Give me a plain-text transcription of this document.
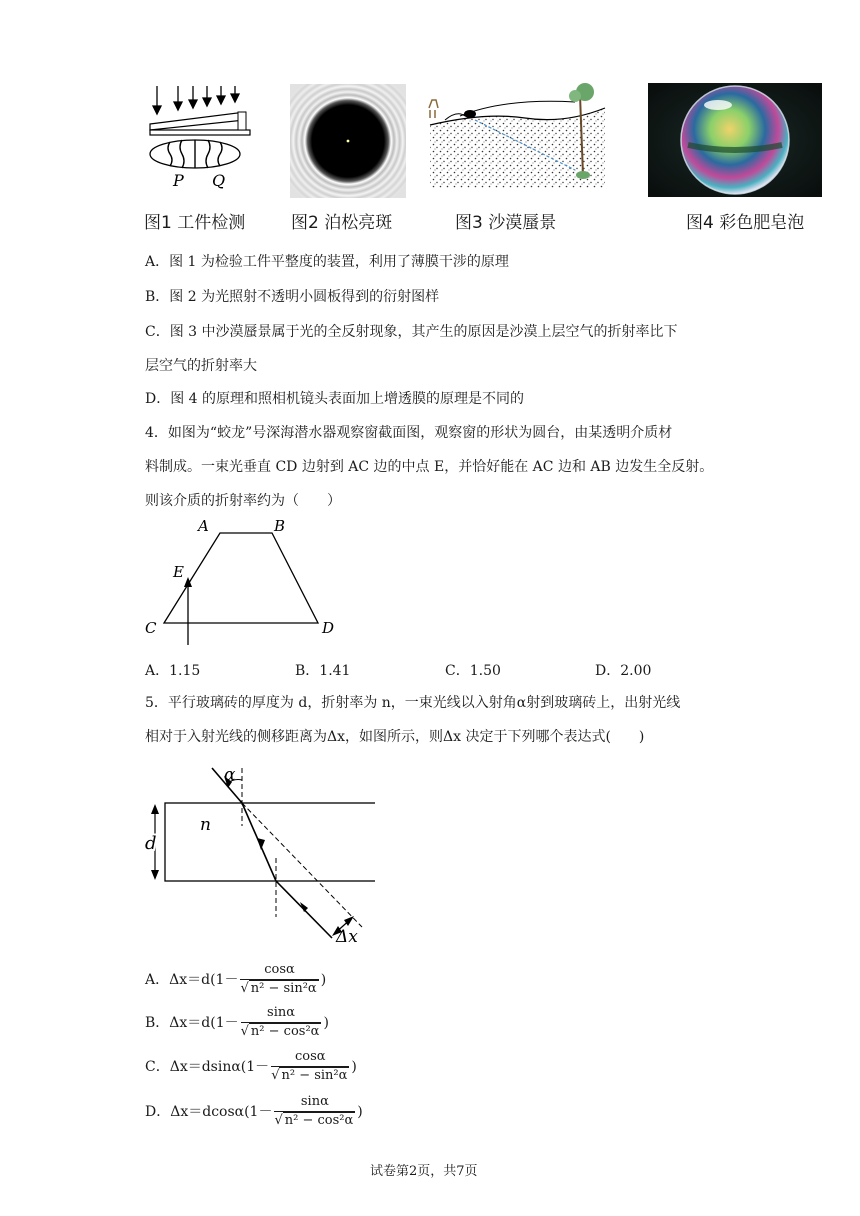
P Q
图1 工件检测	图2 泊松亮斑	图3 沙漠蜃景	图4 彩色肥皂泡
A．图 1 为检验工件平整度的装置，利用了薄膜干涉的原理
B．图 2 为光照射不透明小圆板得到的衍射图样
C．图 3 中沙漠蜃景属于光的全反射现象，其产生的原因是沙漠上层空气的折射率比下
层空气的折射率大
D．图 4 的原理和照相机镜头表面加上增透膜的原理是不同的
4．如图为“蛟龙”号深海潜水器观察窗截面图，观察窗的形状为圆台，由某透明介质材
料制成。一束光垂直 CD 边射到 AC 边的中点 E，并恰好能在 AC 边和 AB 边发生全反射。
则该介质的折射率约为（　　）
A	B
C	D
E
A．1.15	B．1.41	C．1.50	D．2.00
5．平行玻璃砖的厚度为 d，折射率为 n，一束光线以入射角α射到玻璃砖上，出射光线
相对于入射光线的侧移距离为Δx，如图所示，则Δx 决定于下列哪个表达式(　　)
α
n
d
Δx
A．$\Delta x=d(1- \frac{\cos\alpha}{\text{√ n² − sin²α}}$ )
B．$\Delta x=d(1- \frac{\sin\alpha}{\text{√ n² − cos²α}}$ )
C．$\Delta x=dsin\alpha(1- \frac{\cos\alpha}{\text{√ n² − sin²α}}$ )
D．$\Delta x=dcos\alpha(1- \frac{\sin\alpha}{\text{√ n² − cos²α}}$ )
试卷第2页，共7页
